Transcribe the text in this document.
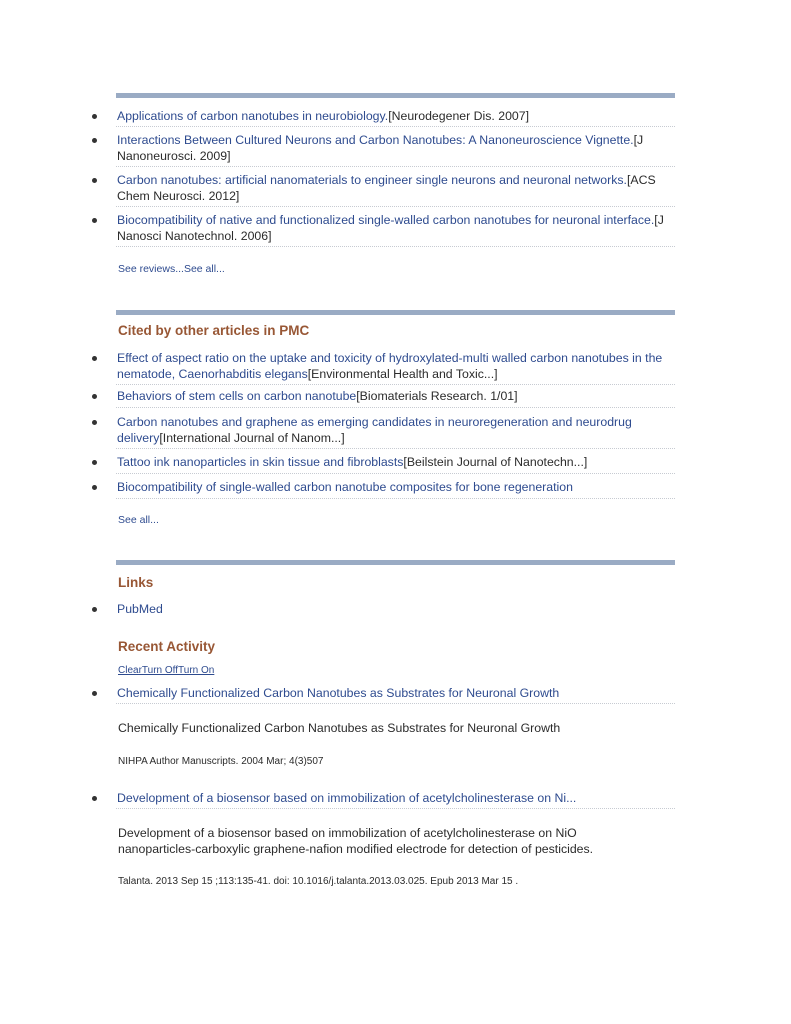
Applications of carbon nanotubes in neurobiology.[Neurodegener Dis. 2007]
Interactions Between Cultured Neurons and Carbon Nanotubes: A Nanoneuroscience Vignette.[J Nanoneurosci. 2009]
Carbon nanotubes: artificial nanomaterials to engineer single neurons and neuronal networks.[ACS Chem Neurosci. 2012]
Biocompatibility of native and functionalized single-walled carbon nanotubes for neuronal interface.[J Nanosci Nanotechnol. 2006]
See reviews...See all...
Cited by other articles in PMC
Effect of aspect ratio on the uptake and toxicity of hydroxylated-multi walled carbon nanotubes in the nematode, Caenorhabditis elegans[Environmental Health and Toxic...]
Behaviors of stem cells on carbon nanotube[Biomaterials Research. 1/01]
Carbon nanotubes and graphene as emerging candidates in neuroregeneration and neurodrug delivery[International Journal of Nanom...]
Tattoo ink nanoparticles in skin tissue and fibroblasts[Beilstein Journal of Nanotechn...]
Biocompatibility of single-walled carbon nanotube composites for bone regeneration
See all...
Links
PubMed
Recent Activity
ClearTurn OffTurn On
Chemically Functionalized Carbon Nanotubes as Substrates for Neuronal Growth
Chemically Functionalized Carbon Nanotubes as Substrates for Neuronal Growth
NIHPA Author Manuscripts. 2004 Mar; 4(3)507
Development of a biosensor based on immobilization of acetylcholinesterase on Ni...
Development of a biosensor based on immobilization of acetylcholinesterase on NiO nanoparticles-carboxylic graphene-nafion modified electrode for detection of pesticides.
Talanta. 2013 Sep 15 ;113:135-41. doi: 10.1016/j.talanta.2013.03.025. Epub 2013 Mar 15 .
